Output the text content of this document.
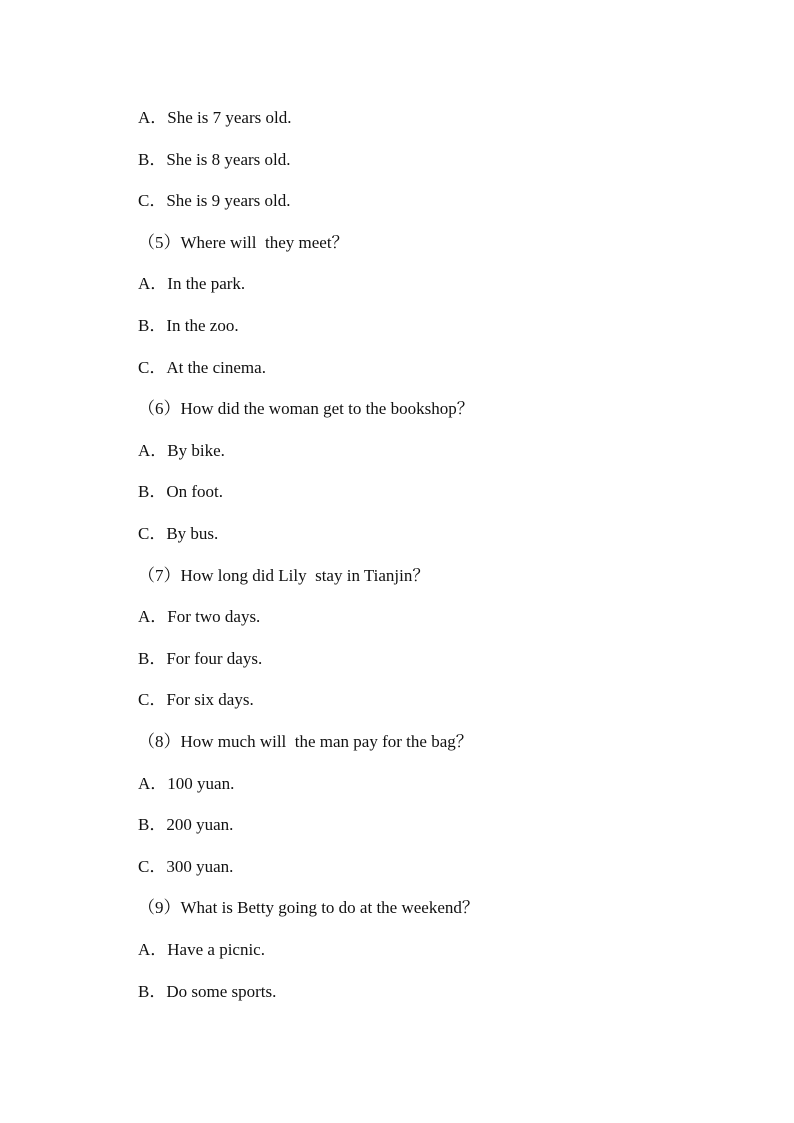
A．She is 7 years old.
B．She is 8 years old.
C．She is 9 years old.
（5）Where will  they meet？
A．In the park.
B．In the zoo.
C．At the cinema.
（6）How did the woman get to the bookshop？
A．By bike.
B．On foot.
C．By bus.
（7）How long did Lily  stay in Tianjin？
A．For two days.
B．For four days.
C．For six days.
（8）How much will  the man pay for the bag？
A．100 yuan.
B．200 yuan.
C．300 yuan.
（9）What is Betty going to do at the weekend？
A．Have a picnic.
B．Do some sports.
